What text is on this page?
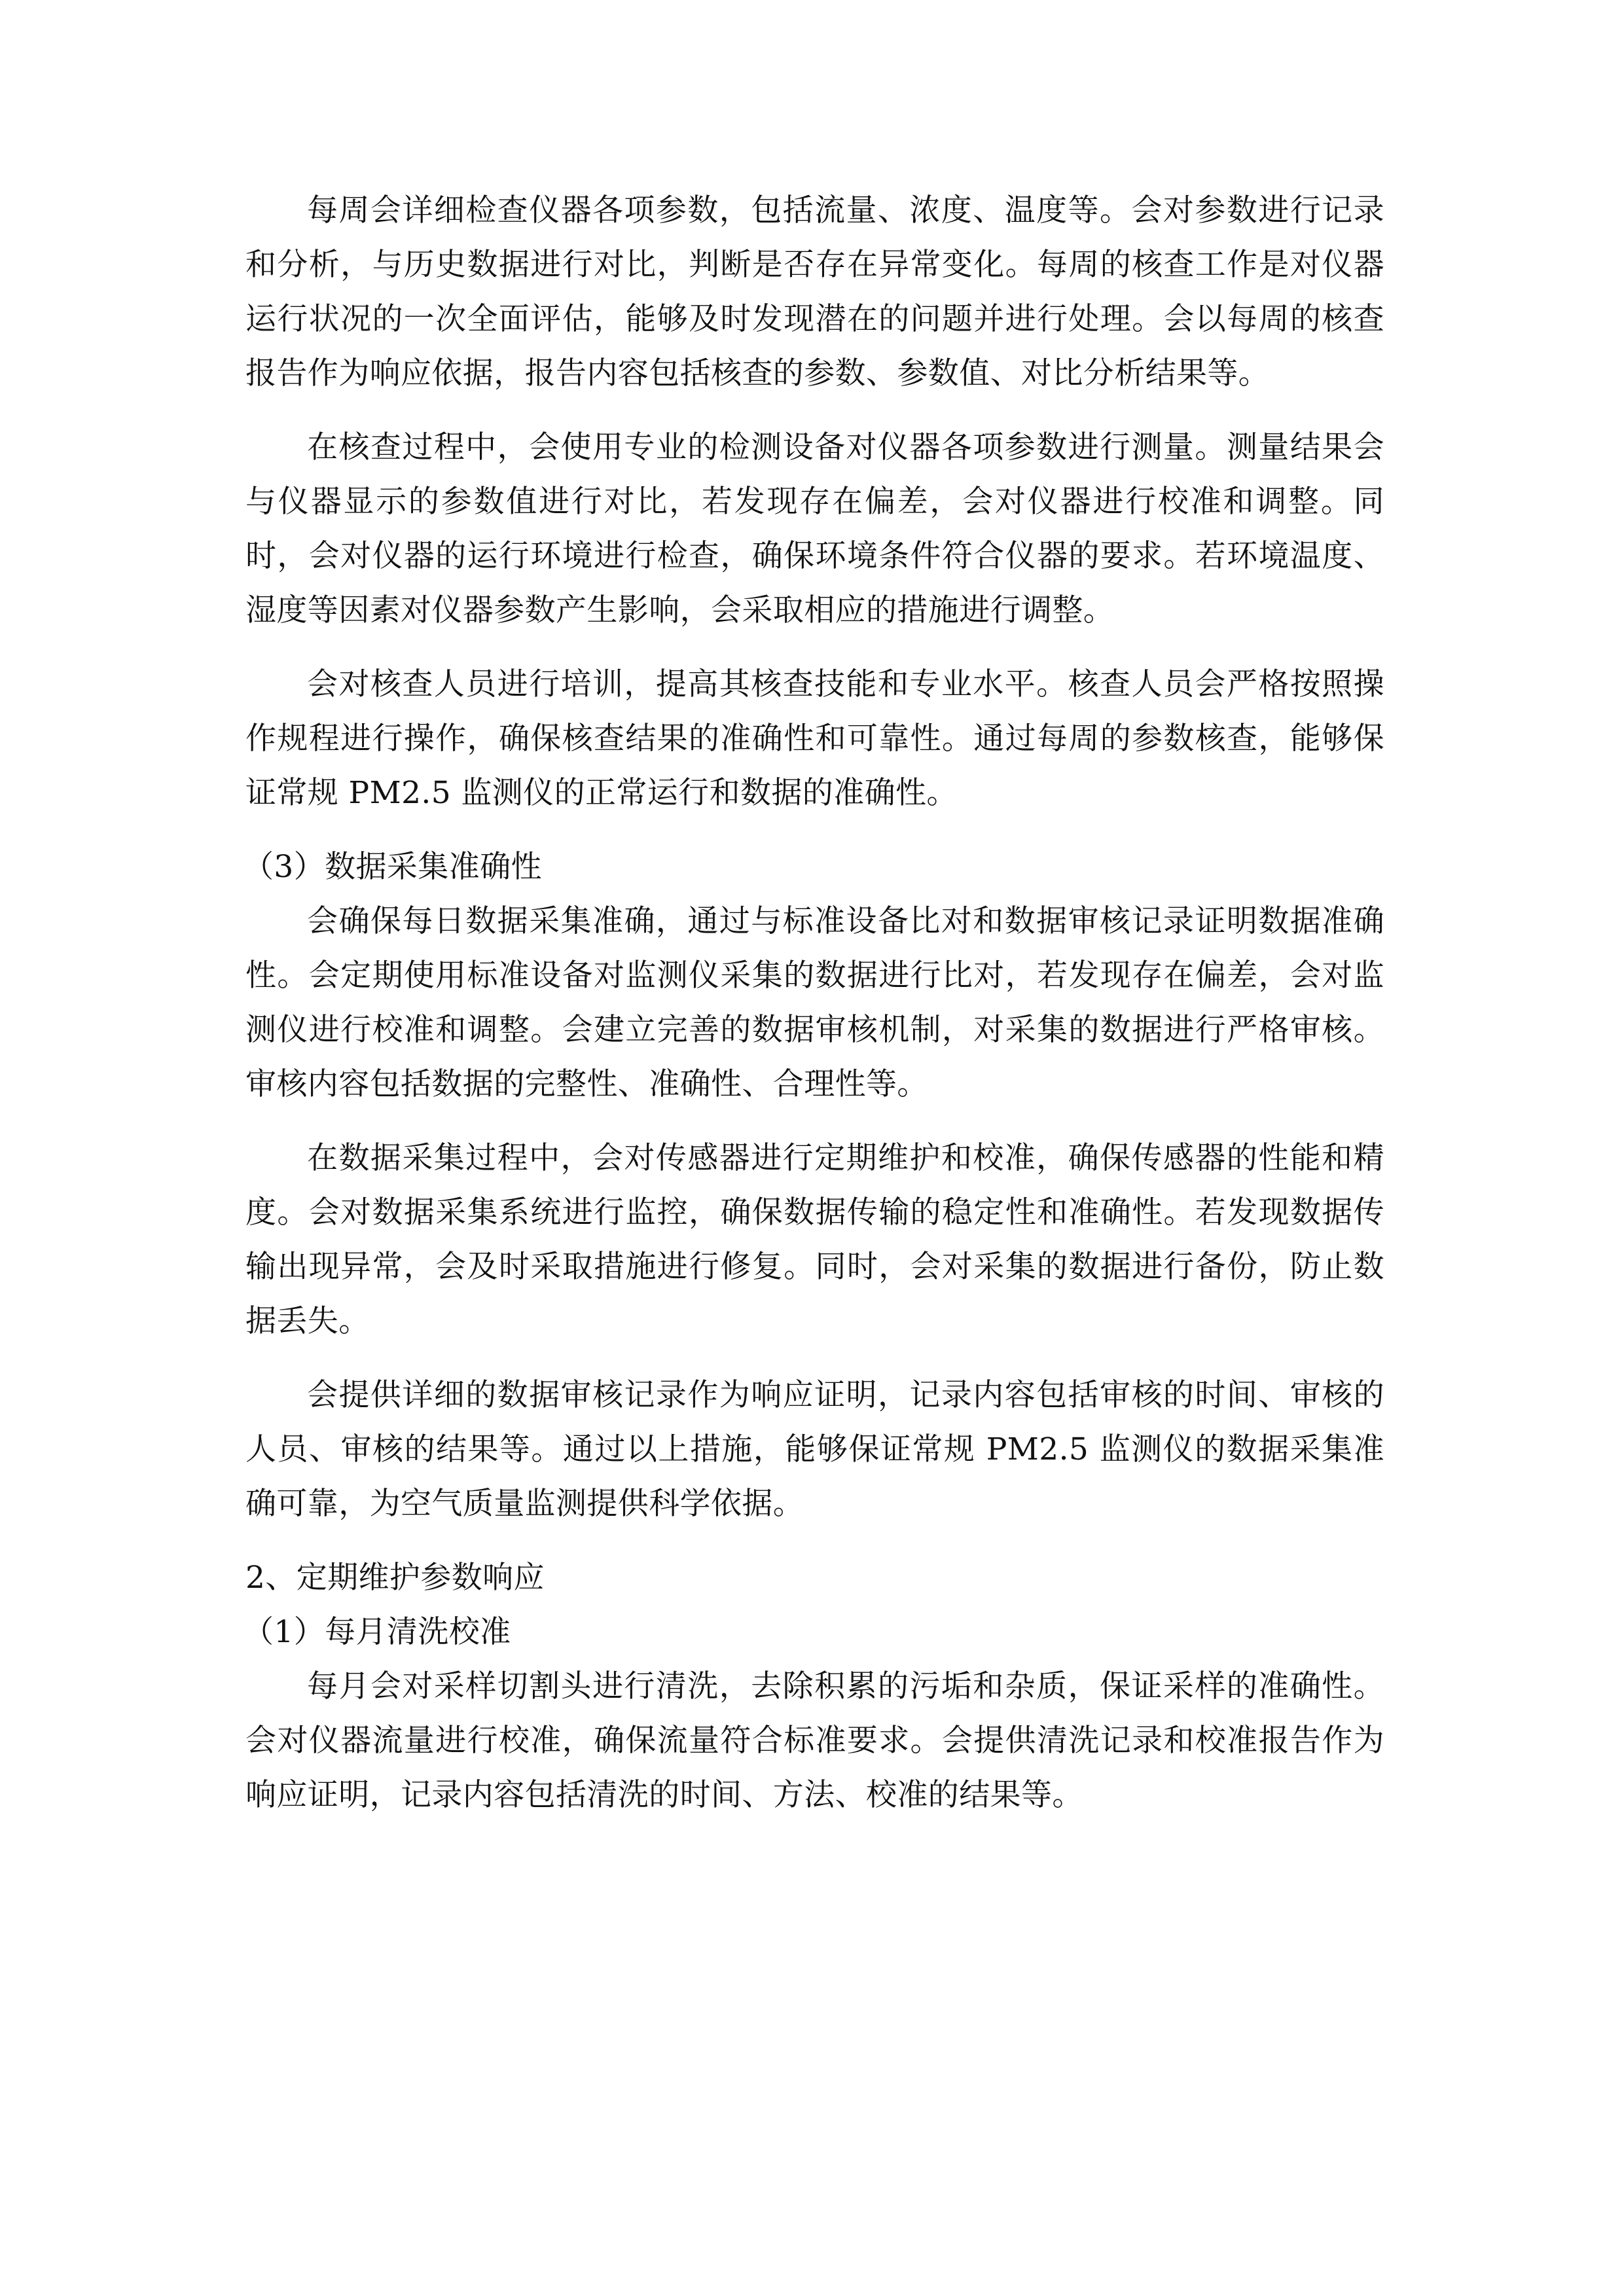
每周会详细检查仪器各项参数，包括流量、浓度、温度等。会对参数进行记录和分析，与历史数据进行对比，判断是否存在异常变化。每周的核查工作是对仪器运行状况的一次全面评估，能够及时发现潜在的问题并进行处理。会以每周的核查报告作为响应依据，报告内容包括核查的参数、参数值、对比分析结果等。

在核查过程中，会使用专业的检测设备对仪器各项参数进行测量。测量结果会与仪器显示的参数值进行对比，若发现存在偏差，会对仪器进行校准和调整。同时，会对仪器的运行环境进行检查，确保环境条件符合仪器的要求。若环境温度、湿度等因素对仪器参数产生影响，会采取相应的措施进行调整。

会对核查人员进行培训，提高其核查技能和专业水平。核查人员会严格按照操作规程进行操作，确保核查结果的准确性和可靠性。通过每周的参数核查，能够保证常规 PM2.5 监测仪的正常运行和数据的准确性。

（3）数据采集准确性

会确保每日数据采集准确，通过与标准设备比对和数据审核记录证明数据准确性。会定期使用标准设备对监测仪采集的数据进行比对，若发现存在偏差，会对监测仪进行校准和调整。会建立完善的数据审核机制，对采集的数据进行严格审核。审核内容包括数据的完整性、准确性、合理性等。

在数据采集过程中，会对传感器进行定期维护和校准，确保传感器的性能和精度。会对数据采集系统进行监控，确保数据传输的稳定性和准确性。若发现数据传输出现异常，会及时采取措施进行修复。同时，会对采集的数据进行备份，防止数据丢失。

会提供详细的数据审核记录作为响应证明，记录内容包括审核的时间、审核的人员、审核的结果等。通过以上措施，能够保证常规 PM2.5 监测仪的数据采集准确可靠，为空气质量监测提供科学依据。

2、定期维护参数响应

（1）每月清洗校准

每月会对采样切割头进行清洗，去除积累的污垢和杂质，保证采样的准确性。会对仪器流量进行校准，确保流量符合标准要求。会提供清洗记录和校准报告作为响应证明，记录内容包括清洗的时间、方法、校准的结果等。
